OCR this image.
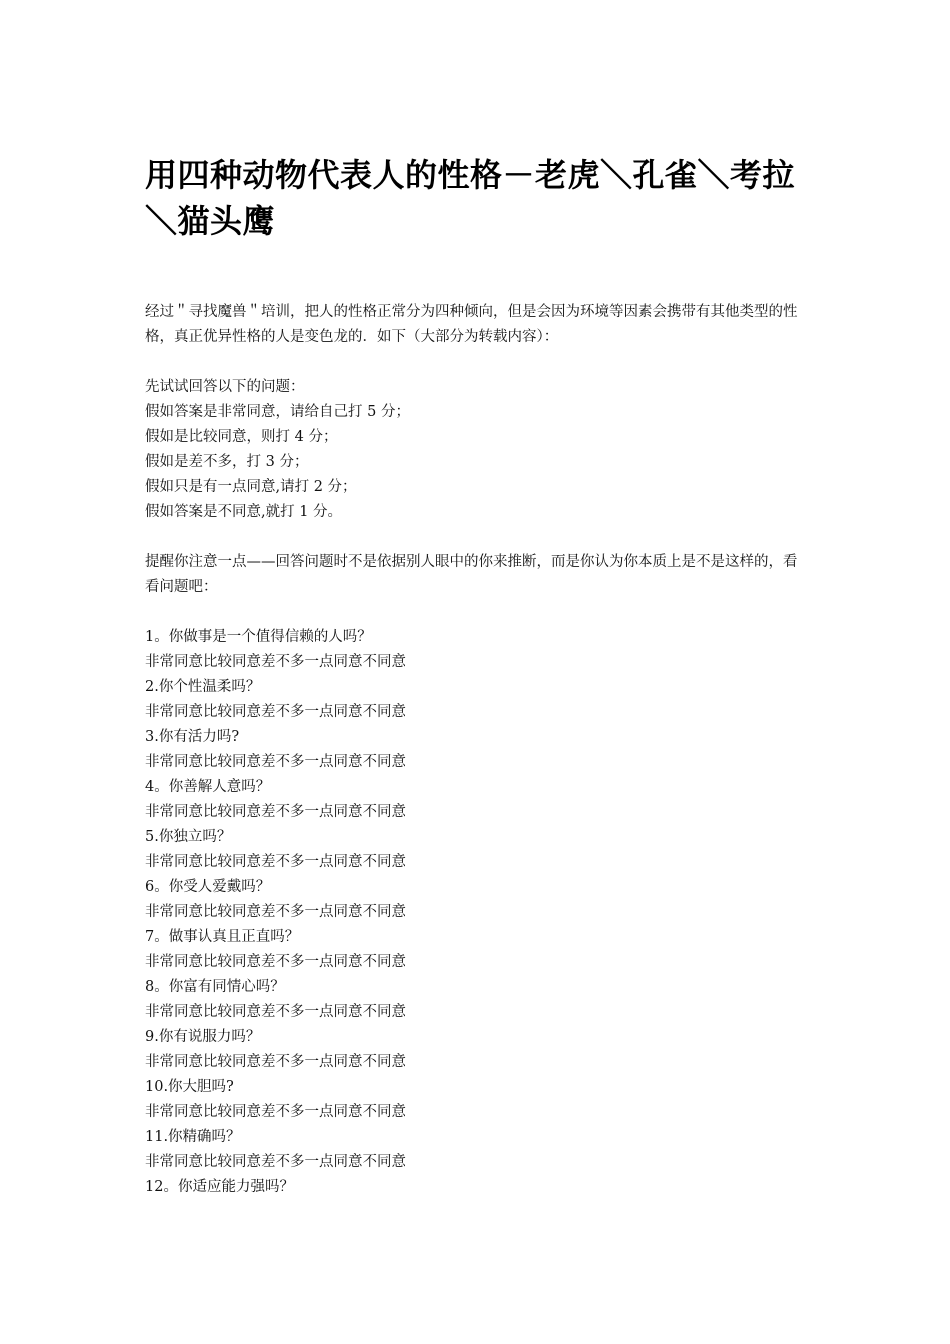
用四种动物代表人的性格－老虎＼孔雀＼考拉＼猫头鹰

经过＂寻找魔兽＂培训，把人的性格正常分为四种倾向，但是会因为环境等因素会携带有其他类型的性格，真正优异性格的人是变色龙的．如下（大部分为转载内容）：

先试试回答以下的问题：

假如答案是非常同意，请给自己打 5 分；

假如是比较同意，则打 4 分；

假如是差不多，打 3 分；

假如只是有一点同意,请打 2 分；

假如答案是不同意,就打 1 分。

提醒你注意一点——回答问题时不是依据别人眼中的你来推断，而是你认为你本质上是不是这样的，看看问题吧：

1。你做事是一个值得信赖的人吗？

非常同意比较同意差不多一点同意不同意

2.你个性温柔吗？

非常同意比较同意差不多一点同意不同意

3.你有活力吗?

非常同意比较同意差不多一点同意不同意

4。你善解人意吗？

非常同意比较同意差不多一点同意不同意

5.你独立吗？

非常同意比较同意差不多一点同意不同意

6。你受人爱戴吗？

非常同意比较同意差不多一点同意不同意

7。做事认真且正直吗？

非常同意比较同意差不多一点同意不同意

8。你富有同情心吗？

非常同意比较同意差不多一点同意不同意

9.你有说服力吗？

非常同意比较同意差不多一点同意不同意

10.你大胆吗?

非常同意比较同意差不多一点同意不同意

11.你精确吗？

非常同意比较同意差不多一点同意不同意

12。你适应能力强吗？
